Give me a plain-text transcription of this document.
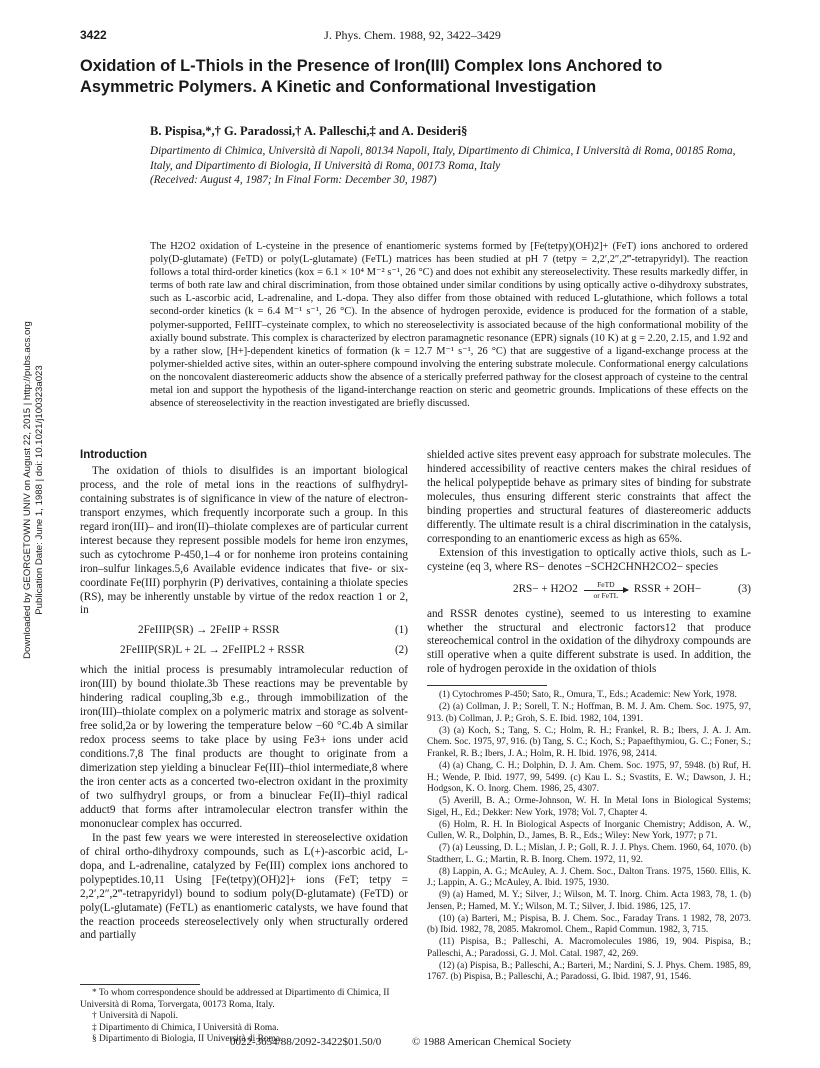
3422	J. Phys. Chem. 1988, 92, 3422–3429
Oxidation of L-Thiols in the Presence of Iron(III) Complex Ions Anchored to Asymmetric Polymers. A Kinetic and Conformational Investigation
B. Pispisa,*,† G. Paradossi,† A. Palleschi,‡ and A. Desideri§
Dipartimento di Chimica, Università di Napoli, 80134 Napoli, Italy, Dipartimento di Chimica, I Università di Roma, 00185 Roma, Italy, and Dipartimento di Biologia, II Università di Roma, 00173 Roma, Italy
(Received: August 4, 1987; In Final Form: December 30, 1987)

The H2O2 oxidation of L-cysteine in the presence of enantiomeric systems formed by [Fe(tetpy)(OH)2]+ (FeT) ions anchored to ordered poly(D-glutamate) (FeTD) or poly(L-glutamate) (FeTL) matrices has been studied at pH 7 (tetpy = 2,2′,2″,2‴-tetrapyridyl). The reaction follows a total third-order kinetics (kox = 6.1 × 10⁴ M⁻² s⁻¹, 26 °C) and does not exhibit any stereoselectivity. These results markedly differ, in terms of both rate law and chiral discrimination, from those obtained under similar conditions by using optically active o-dihydroxy substrates, such as L-ascorbic acid, L-adrenaline, and L-dopa. They also differ from those obtained with reduced L-glutathione, which follows a total second-order kinetics (k = 6.4 M⁻¹ s⁻¹, 26 °C). In the absence of hydrogen peroxide, evidence is produced for the formation of a stable, polymer-supported, FeIIIT–cysteinate complex, to which no stereoselectivity is associated because of the high conformational mobility of the axially bound substrate. This complex is characterized by electron paramagnetic resonance (EPR) signals (10 K) at g = 2.20, 2.15, and 1.92 and by a rather slow, [H+]-dependent kinetics of formation (k = 12.7 M⁻¹ s⁻¹, 26 °C) that are suggestive of a ligand-exchange process at the polymer-shielded active sites, within an outer-sphere compound involving the entering substrate molecule. Conformational energy calculations on the noncovalent diastereomeric adducts show the absence of a sterically preferred pathway for the closest approach of cysteine to the central metal ion and support the hypothesis of the ligand-interchange reaction on steric and geometric grounds. Implications of these effects on the absence of stereoselectivity in the reaction investigated are briefly discussed.

Downloaded by GEORGETOWN UNIV on August 22, 2015 | http://pubs.acs.org Publication Date: June 1, 1988 | doi: 10.1021/j100323a023	Introduction

The oxidation of thiols to disulfides is an important biological process, and the role of metal ions in the reactions of sulfhydryl-containing substrates is of significance in view of the nature of electron-transport enzymes, which frequently incorporate such a group. In this regard iron(III)– and iron(II)–thiolate complexes are of particular current interest because they represent possible models for heme iron enzymes, such as cytochrome P-450,1–4 or for nonheme iron proteins containing iron–sulfur linkages.5,6 Available evidence indicates that five- or six-coordinate Fe(III) porphyrin (P) derivatives, containing a thiolate species (RS), may be inherently unstable by virtue of the redox reaction 1 or 2, in

2FeIIIP(SR) → 2FeIIP + RSSR	(1)
2FeIIIP(SR)L + 2L → 2FeIIPL2 + RSSR	(2)

which the initial process is presumably intramolecular reduction of iron(III) by bound thiolate.3b These reactions may be preventable by hindering radical coupling,3b e.g., through immobilization of the iron(III)–thiolate complex on a polymeric matrix and storage as solvent-free solid,2a or by lowering the temperature below −60 °C.4b A similar redox process seems to take place by using Fe3+ ions under acid conditions.7,8 The final products are thought to originate from a dimerization step yielding a binuclear Fe(III)–thiol intermediate,8 where the iron center acts as a concerted two-electron oxidant in the proximity of two sulfhydryl groups, or from a binuclear Fe(II)–thiyl radical adduct9 that forms after intramolecular electron transfer within the mononuclear complex has occurred.

In the past few years we were interested in stereoselective oxidation of chiral ortho-dihydroxy compounds, such as L(+)-ascorbic acid, L-dopa, and L-adrenaline, catalyzed by Fe(III) complex ions anchored to polypeptides.10,11 Using [Fe(tetpy)(OH)2]+ ions (FeT; tetpy = 2,2′,2″,2‴-tetrapyridyl) bound to sodium poly(D-glutamate) (FeTD) or poly(L-glutamate) (FeTL) as enantiomeric catalysts, we have found that the reaction proceeds stereoselectively only when structurally ordered and partially

shielded active sites prevent easy approach for substrate molecules. The hindered accessibility of reactive centers makes the chiral residues of the helical polypeptide behave as primary sites of binding for substrate molecules, thus ensuring different steric constraints that affect the binding properties and structural features of diastereomeric adducts differently. The ultimate result is a chiral discrimination in the catalysis, corresponding to an enantiomeric excess as high as 65%.

Extension of this investigation to optically active thiols, such as L-cysteine (eq 3, where RS− denotes −SCH2CHNH2CO2− species

2RS− + H2O2	FeTD
or FeTL RSSR + 2OH−	(3)

and RSSR denotes cystine), seemed to us interesting to examine whether the structural and electronic factors12 that produce stereochemical control in the oxidation of the dihydroxy compounds are still operative when a quite different substrate is used. In addition, the role of hydrogen peroxide in the oxidation of thiols

(1) Cytochromes P-450; Sato, R., Omura, T., Eds.; Academic: New York, 1978.

(2) (a) Collman, J. P.; Sorell, T. N.; Hoffman, B. M. J. Am. Chem. Soc. 1975, 97, 913. (b) Collman, J. P.; Groh, S. E. Ibid. 1982, 104, 1391.

(3) (a) Koch, S.; Tang, S. C.; Holm, R. H.; Frankel, R. B.; Ibers, J. A. J. Am. Chem. Soc. 1975, 97, 916. (b) Tang, S. C.; Koch, S.; Papaefthymiou, G. C.; Foner, S.; Frankel, R. B.; Ibers, J. A.; Holm, R. H. Ibid. 1976, 98, 2414.

(4) (a) Chang, C. H.; Dolphin, D. J. Am. Chem. Soc. 1975, 97, 5948. (b) Ruf, H. H.; Wende, P. Ibid. 1977, 99, 5499. (c) Kau L. S.; Svastits, E. W.; Dawson, J. H.; Hodgson, K. O. Inorg. Chem. 1986, 25, 4307.

(5) Averill, B. A.; Orme-Johnson, W. H. In Metal Ions in Biological Systems; Sigel, H., Ed.; Dekker: New York, 1978; Vol. 7, Chapter 4.

(6) Holm, R. H. In Biological Aspects of Inorganic Chemistry; Addison, A. W., Cullen, W. R., Dolphin, D., James, B. R., Eds.; Wiley: New York, 1977; p 71.

(7) (a) Leussing, D. L.; Mislan, J. P.; Goll, R. J. J. Phys. Chem. 1960, 64, 1070. (b) Stadtherr, L. G.; Martin, R. B. Inorg. Chem. 1972, 11, 92.

(8) Lappin, A. G.; McAuley, A. J. Chem. Soc., Dalton Trans. 1975, 1560. Ellis, K. J.; Lappin, A. G.; McAuley, A. Ibid. 1975, 1930.

(9) (a) Hamed, M. Y.; Silver, J.; Wilson, M. T. Inorg. Chim. Acta 1983, 78, 1. (b) Jensen, P.; Hamed, M. Y.; Wilson, M. T.; Silver, J. Ibid. 1986, 125, 17.

(10) (a) Barteri, M.; Pispisa, B. J. Chem. Soc., Faraday Trans. 1 1982, 78, 2073. (b) Ibid. 1982, 78, 2085. Makromol. Chem., Rapid Commun. 1982, 3, 715.

(11) Pispisa, B.; Palleschi, A. Macromolecules 1986, 19, 904. Pispisa, B.; Palleschi, A.; Paradossi, G. J. Mol. Catal. 1987, 42, 269.

(12) (a) Pispisa, B.; Palleschi, A.; Barteri, M.; Nardini, S. J. Phys. Chem. 1985, 89, 1767. (b) Pispisa, B.; Palleschi, A.; Paradossi, G. Ibid. 1987, 91, 1546.

* To whom correspondence should be addressed at Dipartimento di Chimica, II Università di Roma, Torvergata, 00173 Roma, Italy.

† Università di Napoli.

‡ Dipartimento di Chimica, I Università di Roma.

§ Dipartimento di Biologia, II Università di Roma.

0022-3654/88/2092-3422$01.50/0	© 1988 American Chemical Society
